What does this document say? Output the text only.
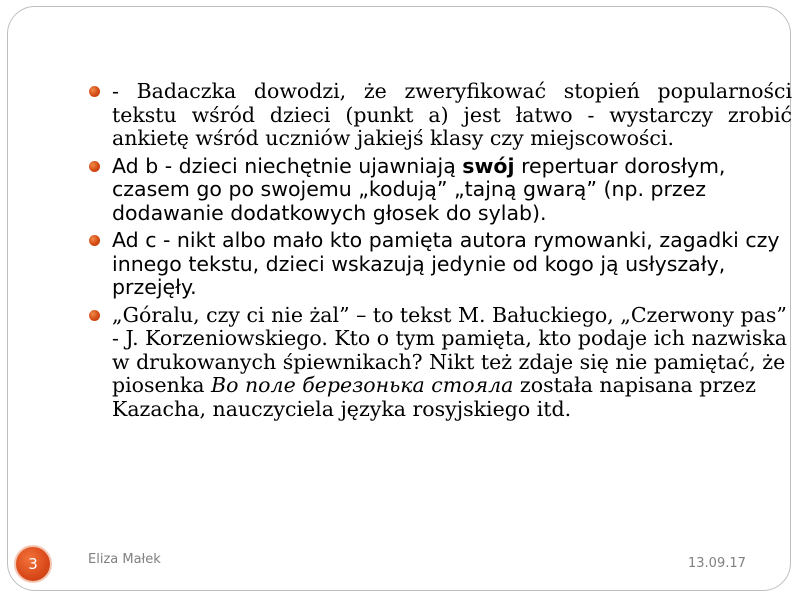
- Badaczka dowodzi, że zweryfikować stopień popularności tekstu wśród dzieci (punkt a) jest łatwo - wystarczy zrobić ankietę wśród uczniów jakiejś klasy czy miejscowości.
Ad b - dzieci niechętnie ujawniają swój repertuar dorosłym, czasem go po swojemu „kodują” „tajną gwarą” (np. przez dodawanie dodatkowych głosek do sylab).
Ad c - nikt albo mało kto pamięta autora rymowanki, zagadki czy innego tekstu, dzieci wskazują jedynie od kogo ją usłyszały, przejęły.
„Góralu, czy ci nie żal” – to tekst M. Bałuckiego, „Czerwony pas” - J. Korzeniowskiego. Kto o tym pamięta, kto podaje ich nazwiska w drukowanych śpiewnikach? Nikt też zdaje się nie pamiętać, że piosenka Во поле березонька стояла została napisana przez Kazacha, nauczyciela języka rosyjskiego itd.
3	Eliza Małek	13.09.17
